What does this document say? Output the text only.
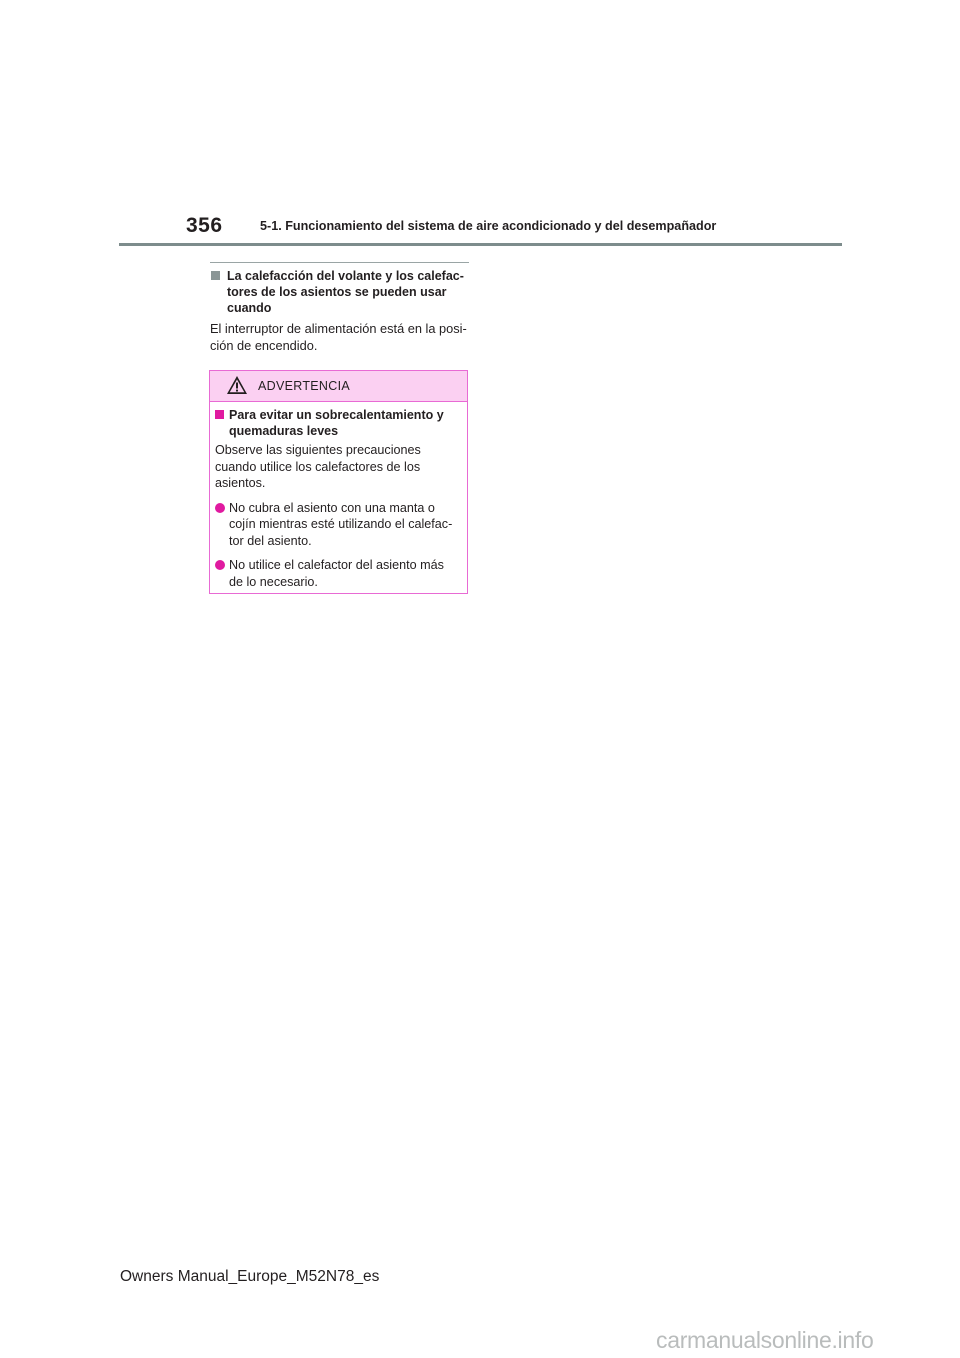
356	5-1. Funcionamiento del sistema de aire acondicionado y del desempañador
La calefacción del volante y los calefac-
tores de los asientos se pueden usar
cuando
El interruptor de alimentación está en la posi-
ción de encendido.
ADVERTENCIA
Para evitar un sobrecalentamiento y
quemaduras leves
Observe las siguientes precauciones
cuando utilice los calefactores de los
asientos.
No cubra el asiento con una manta o
cojín mientras esté utilizando el calefac-
tor del asiento.
No utilice el calefactor del asiento más
de lo necesario.
Owners Manual_Europe_M52N78_es
carmanualsonline.info
